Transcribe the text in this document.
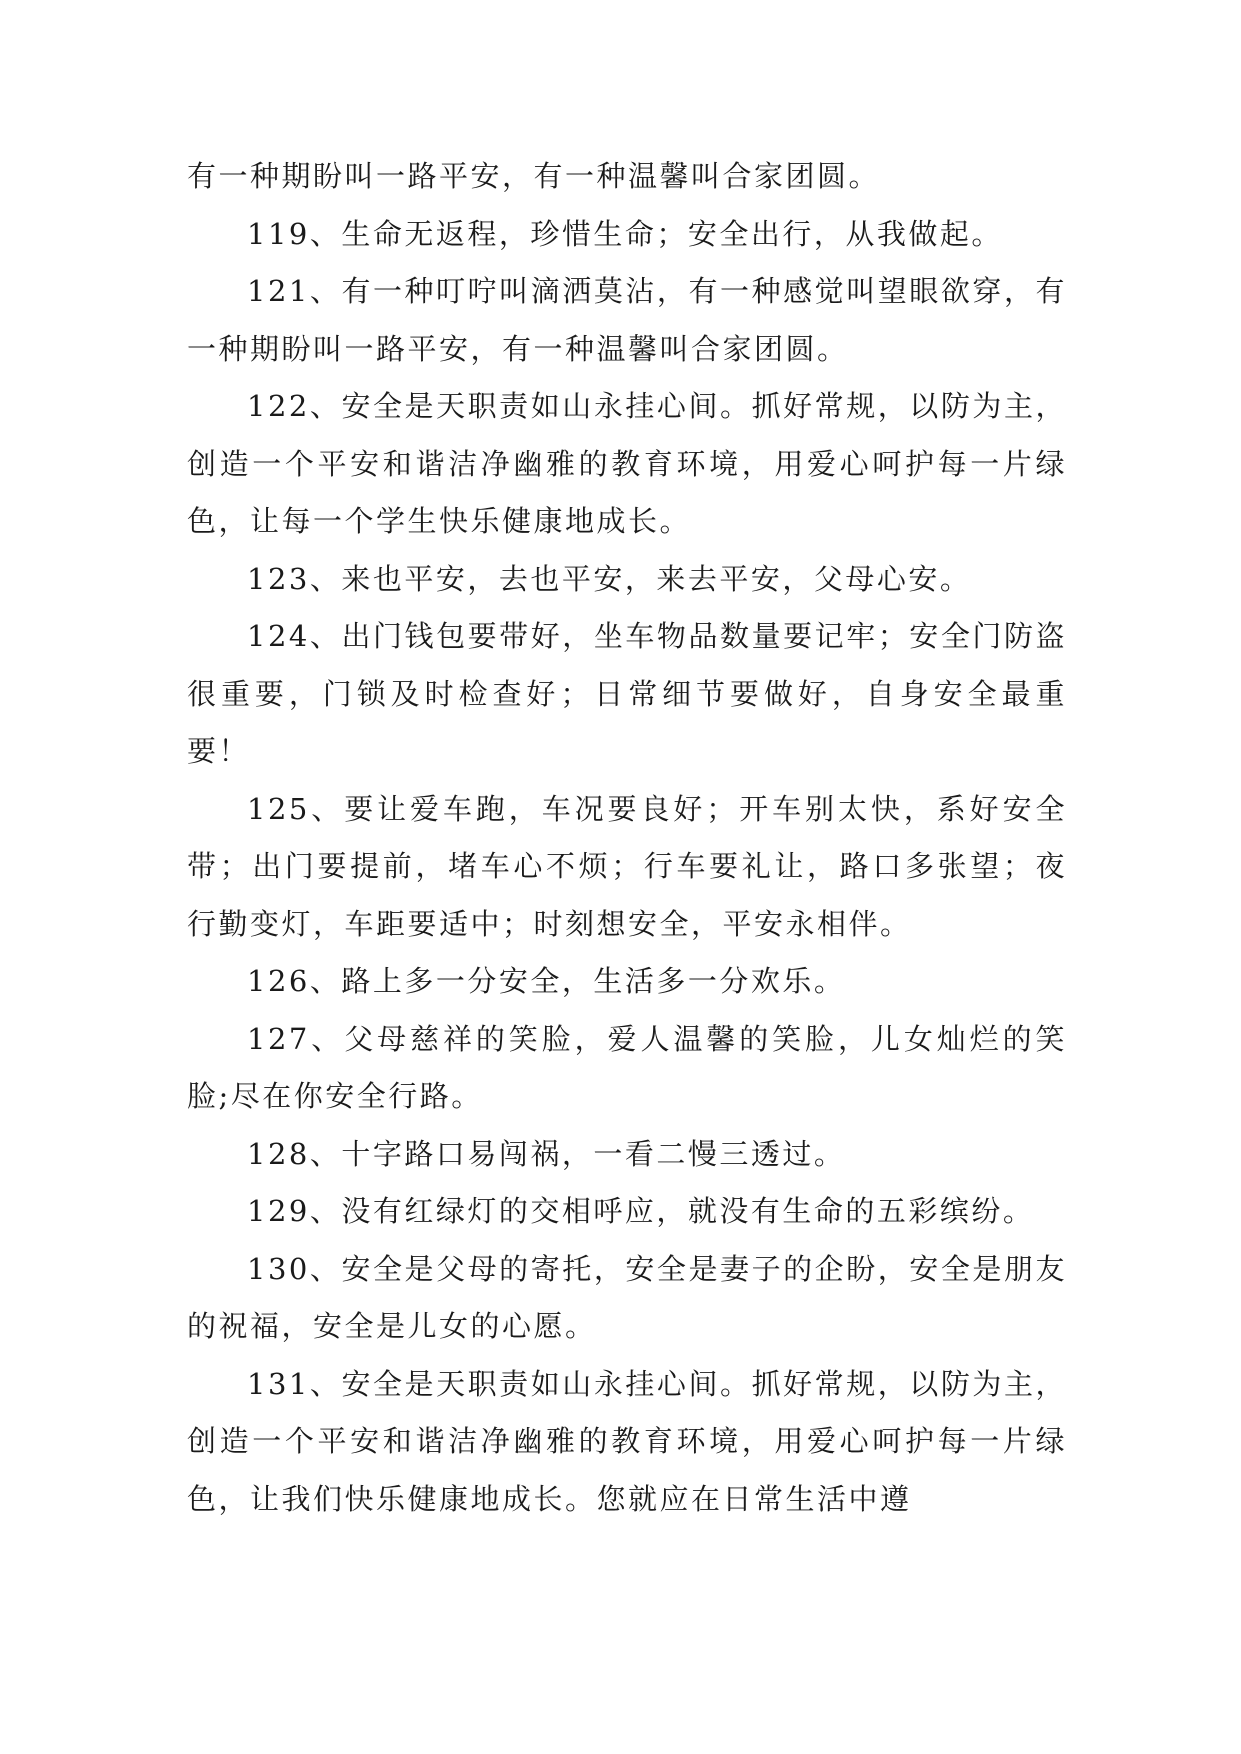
有一种期盼叫一路平安，有一种温馨叫合家团圆。

119、生命无返程，珍惜生命；安全出行，从我做起。

121、有一种叮咛叫滴洒莫沾，有一种感觉叫望眼欲穿，有一种期盼叫一路平安，有一种温馨叫合家团圆。

122、安全是天职责如山永挂心间。抓好常规，以防为主，创造一个平安和谐洁净幽雅的教育环境，用爱心呵护每一片绿色，让每一个学生快乐健康地成长。

123、来也平安，去也平安，来去平安，父母心安。

124、出门钱包要带好，坐车物品数量要记牢；安全门防盗很重要，门锁及时检查好；日常细节要做好，自身安全最重要！

125、要让爱车跑，车况要良好；开车别太快，系好安全带；出门要提前，堵车心不烦；行车要礼让，路口多张望；夜行勤变灯，车距要适中；时刻想安全，平安永相伴。

126、路上多一分安全，生活多一分欢乐。

127、父母慈祥的笑脸，爱人温馨的笑脸，儿女灿烂的笑脸;尽在你安全行路。

128、十字路口易闯祸，一看二慢三透过。

129、没有红绿灯的交相呼应，就没有生命的五彩缤纷。

130、安全是父母的寄托，安全是妻子的企盼，安全是朋友的祝福，安全是儿女的心愿。

131、安全是天职责如山永挂心间。抓好常规，以防为主，创造一个平安和谐洁净幽雅的教育环境，用爱心呵护每一片绿色，让我们快乐健康地成长。您就应在日常生活中遵
